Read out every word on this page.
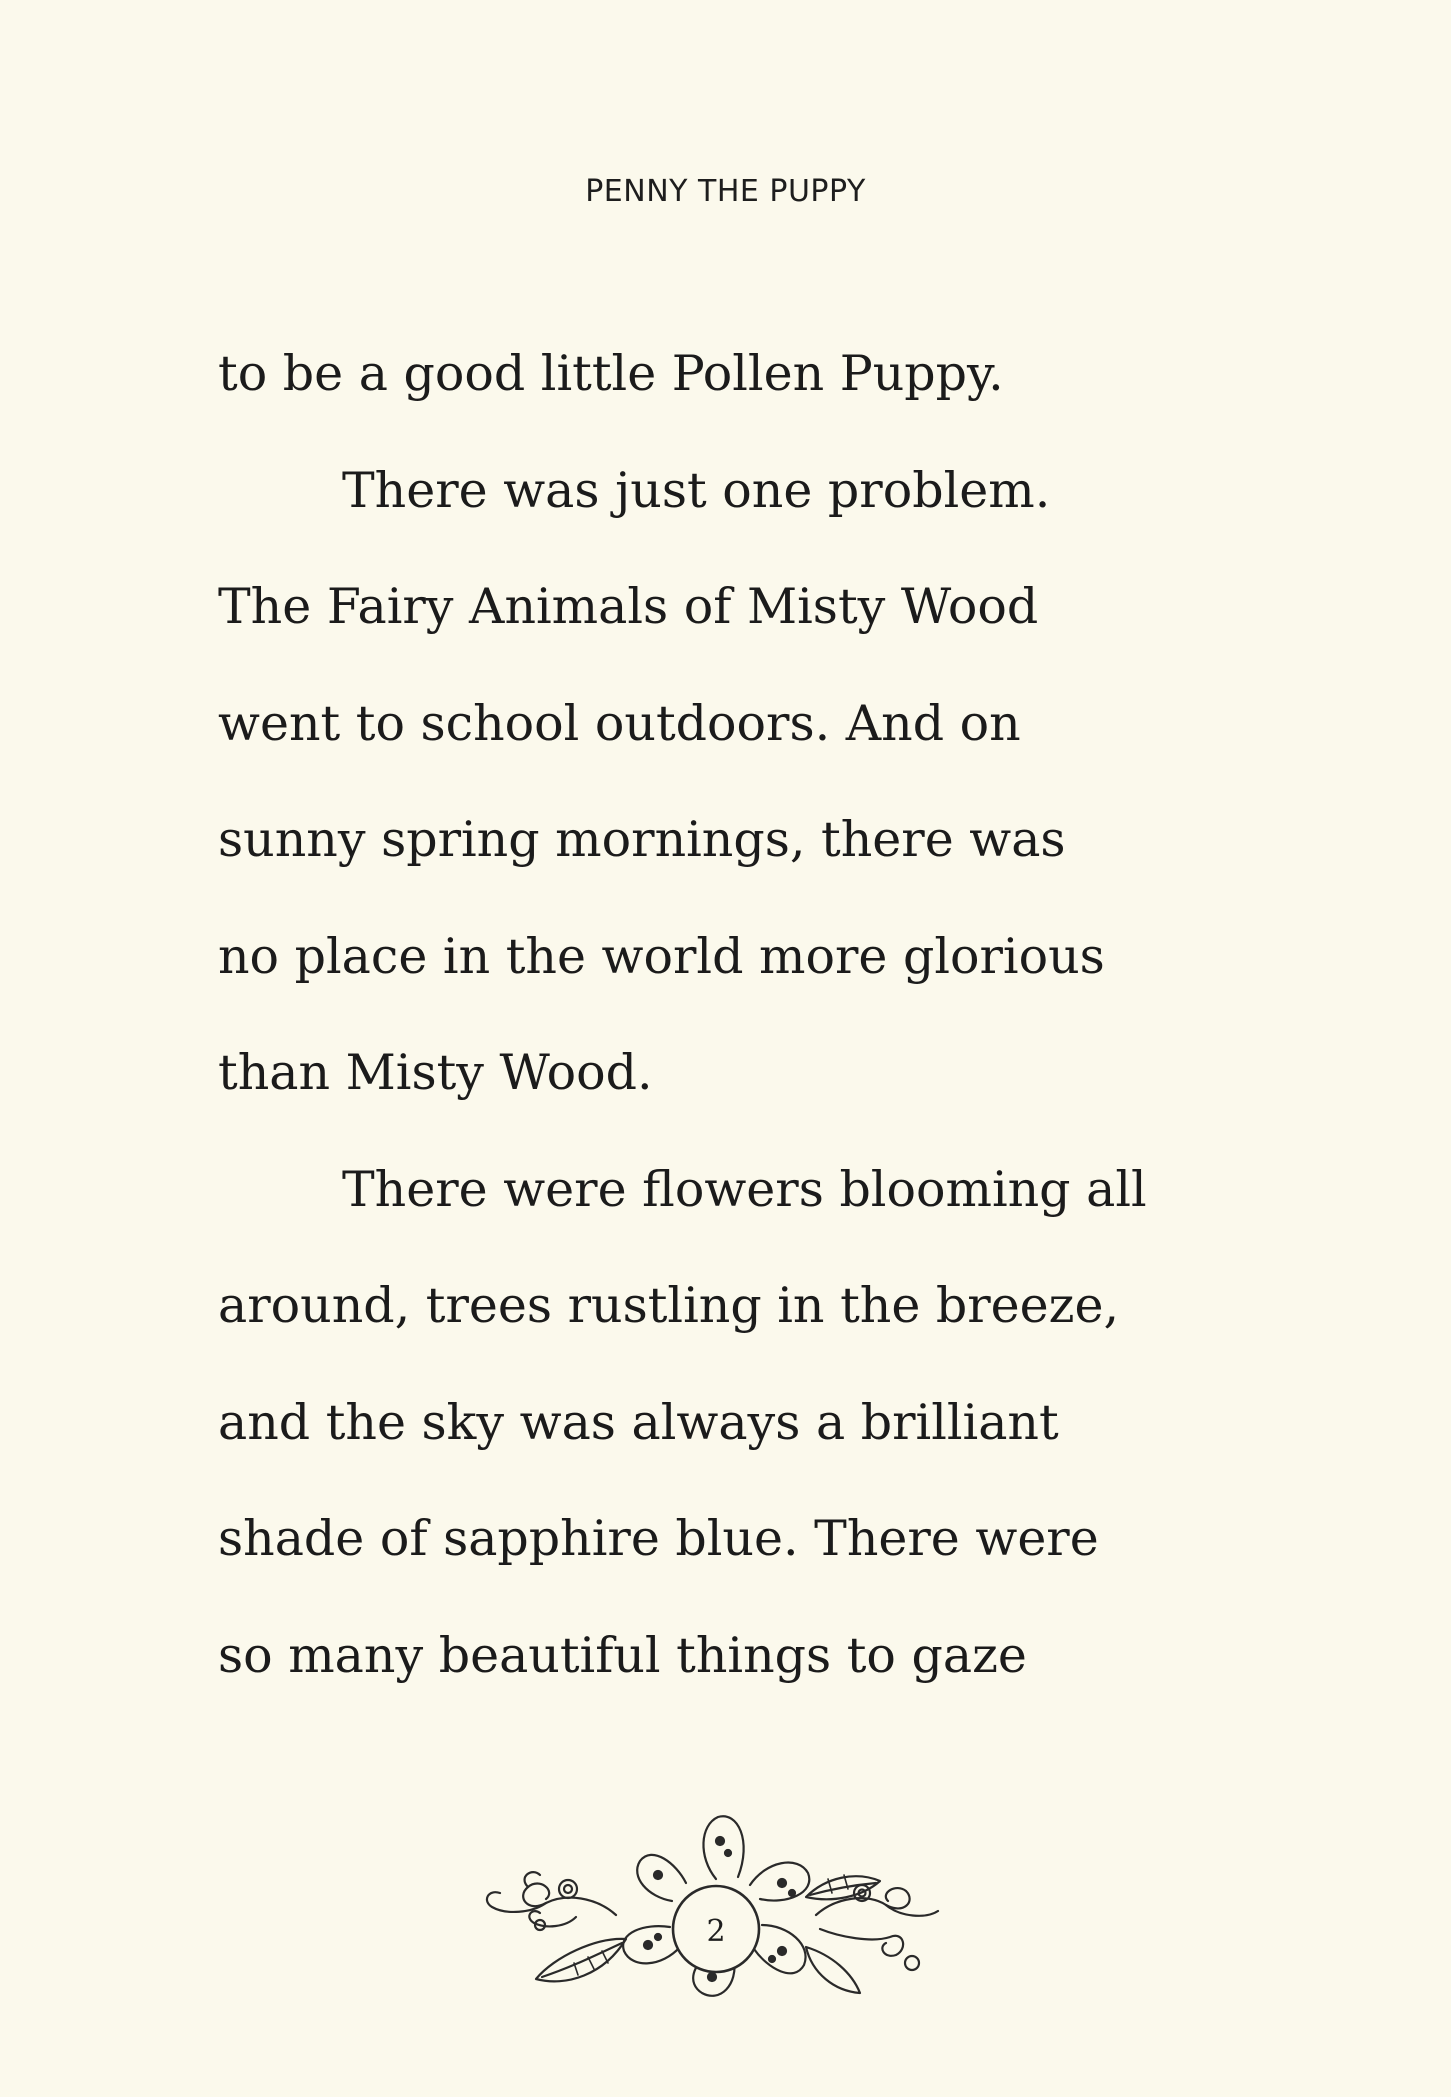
PENNY THE PUPPY
to be a good little Pollen Puppy.
There was just one problem.
The Fairy Animals of Misty Wood
went to school outdoors. And on
sunny spring mornings, there was
no place in the world more glorious
than Misty Wood.
There were flowers blooming all
around, trees rustling in the breeze,
and the sky was always a brilliant
shade of sapphire blue. There were
so many beautiful things to gaze
2
